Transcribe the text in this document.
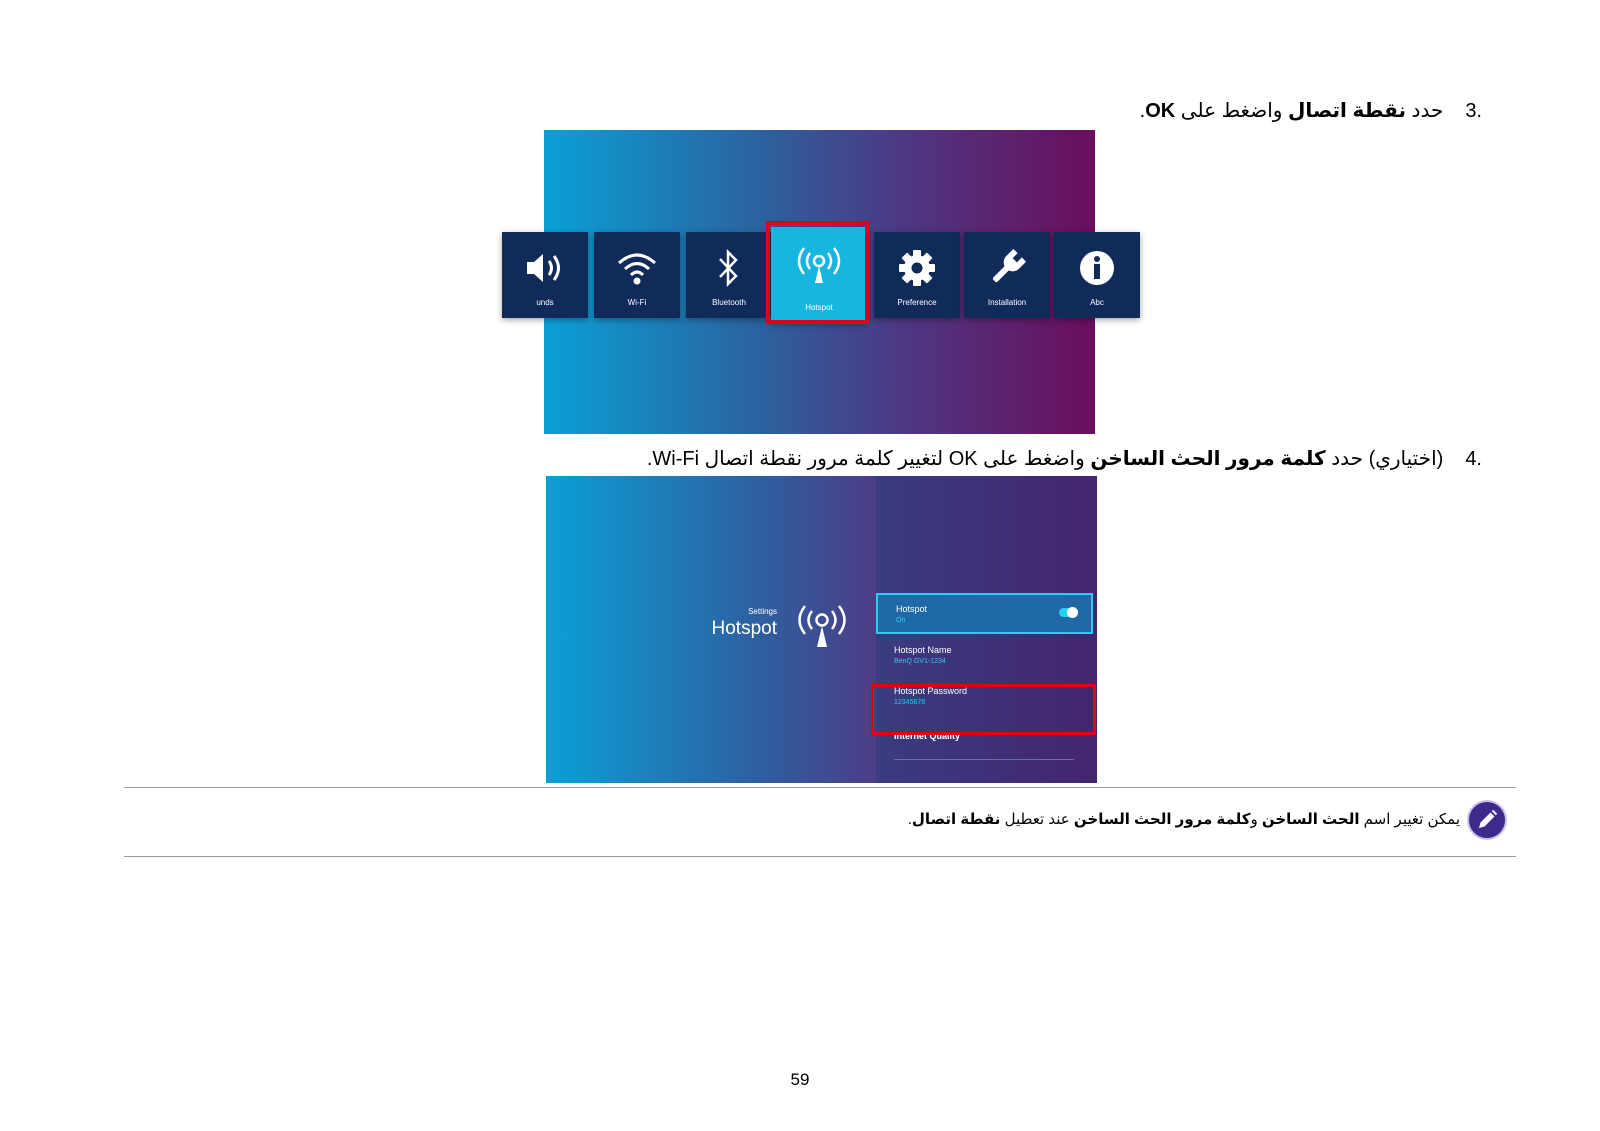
3.حدد نقطة اتصال واضغط على OK.
unds	Wi-Fi	Bluetooth
Hotspot
Preference	Installation	Abc
4.(اختياري) حدد كلمة مرور الحث الساخن واضغط على OK لتغيير كلمة مرور نقطة اتصال Wi-Fi.
Settings
Hotspot
Hotspot
On
Hotspot Name
BenQ GV1-1234
Hotspot Password
12345678
Internet Quality
يمكن تغيير اسم الحث الساخن وكلمة مرور الحث الساخن عند تعطيل نقطة اتصال.
59
